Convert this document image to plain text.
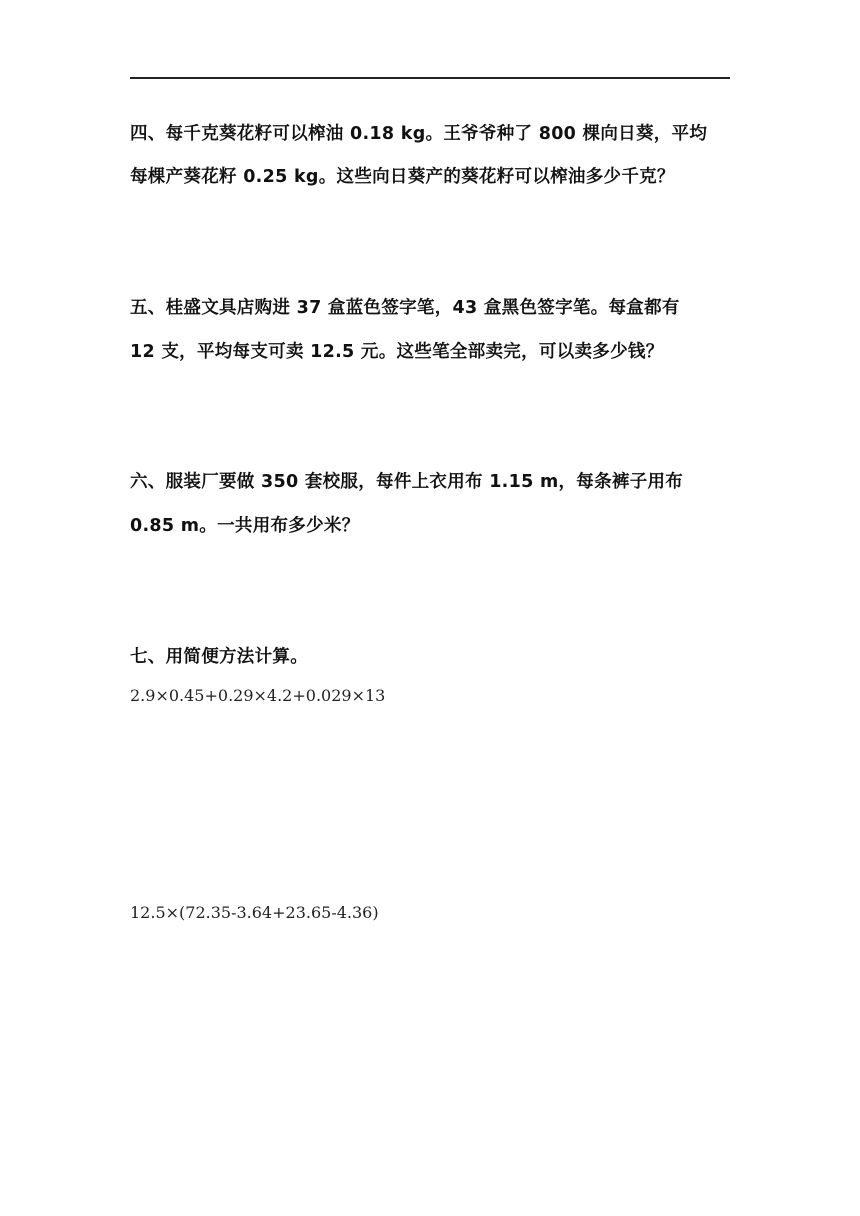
四、每千克葵花籽可以榨油 0.18 kg。王爷爷种了 800 棵向日葵，平均
每棵产葵花籽 0.25 kg。这些向日葵产的葵花籽可以榨油多少千克？
五、桂盛文具店购进 37 盒蓝色签字笔，43 盒黑色签字笔。每盒都有
12 支，平均每支可卖 12.5 元。这些笔全部卖完，可以卖多少钱？
六、服装厂要做 350 套校服，每件上衣用布 1.15 m，每条裤子用布
0.85 m。一共用布多少米？
七、用简便方法计算。
2.9×0.45+0.29×4.2+0.029×13
12.5×(72.35-3.64+23.65-4.36)
